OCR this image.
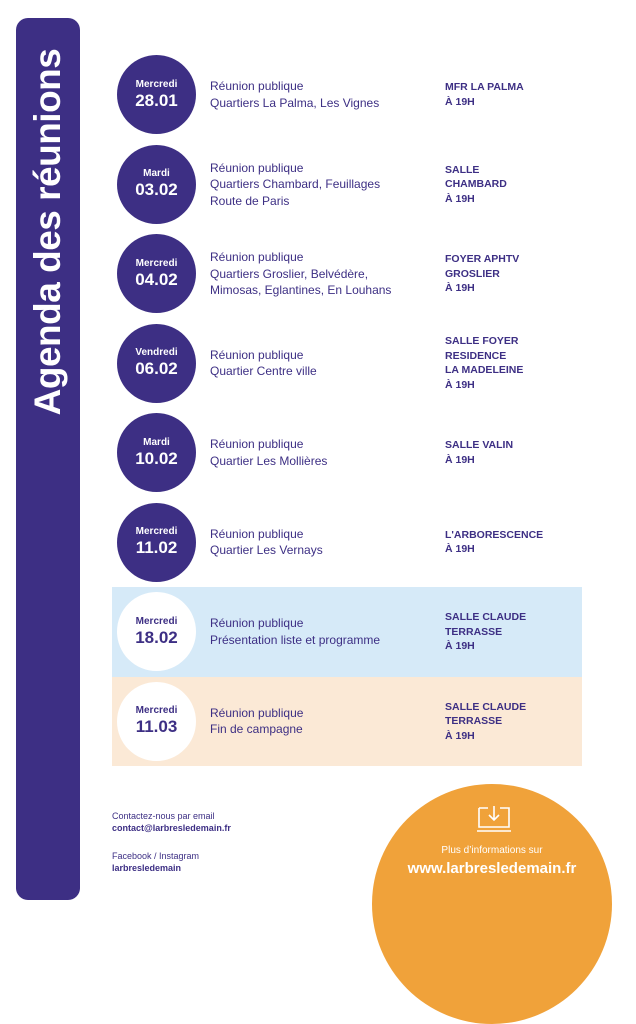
Agenda des réunions	Mercredi
28.01
Réunion publique
Quartiers La Palma, Les Vignes
MFR LA PALMA
À 19H
Mardi
03.02
Réunion publique
Quartiers Chambard, Feuillages
Route de Paris
SALLE
CHAMBARD
À 19H
Mercredi
04.02
Réunion publique
Quartiers Groslier, Belvédère,
Mimosas, Eglantines, En Louhans
FOYER APHTV
GROSLIER
À 19H
Vendredi
06.02
Réunion publique
Quartier Centre ville
SALLE FOYER
RESIDENCE
LA MADELEINE
À 19H
Mardi
10.02
Réunion publique
Quartier Les Mollières
SALLE VALIN
À 19H
Mercredi
11.02
Réunion publique
Quartier Les Vernays
L'ARBORESCENCE
À 19H
Mercredi
18.02
Réunion publique
Présentation liste et programme
SALLE CLAUDE
TERRASSE
À 19H
Mercredi
11.03
Réunion publique
Fin de campagne
SALLE CLAUDE
TERRASSE
À 19H
Contactez-nous par email
contact@larbresledemain.fr
Facebook / Instagram
larbresledemain
Plus d’informations sur
www.larbresledemain.fr
